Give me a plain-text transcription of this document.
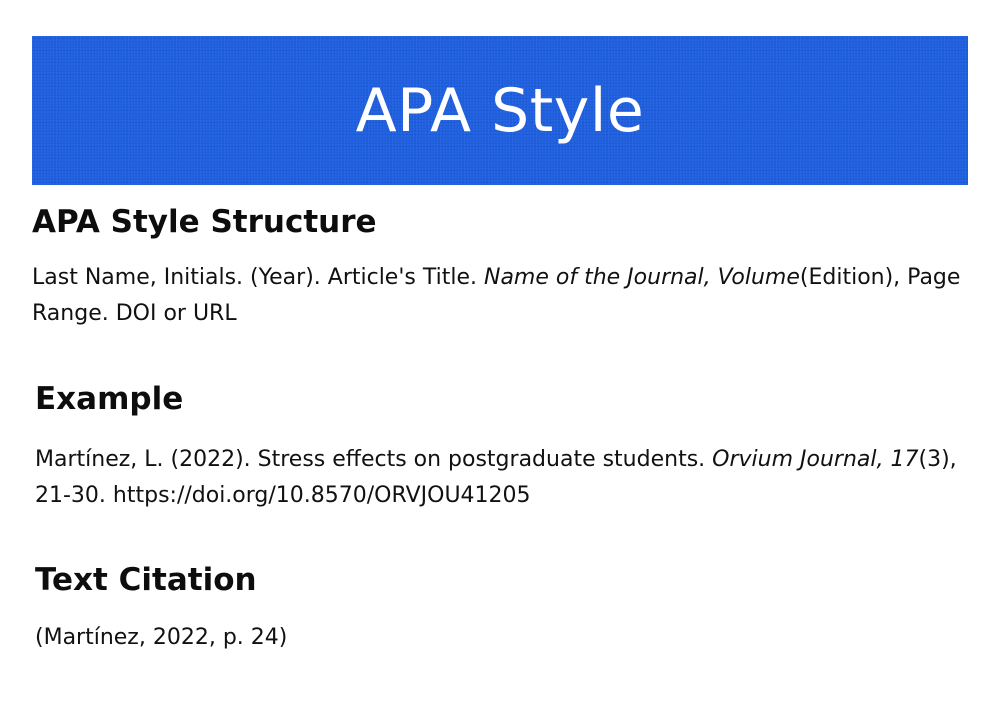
APA Style
APA Style Structure

Last Name, Initials. (Year). Article's Title. Name of the Journal, Volume(Edition), Page Range. DOI or URL

Example

Martínez, L. (2022). Stress effects on postgraduate students. Orvium Journal, 17(3), 21-30. https://doi.org/10.8570/ORVJOU41205

Text Citation

(Martínez, 2022, p. 24)
